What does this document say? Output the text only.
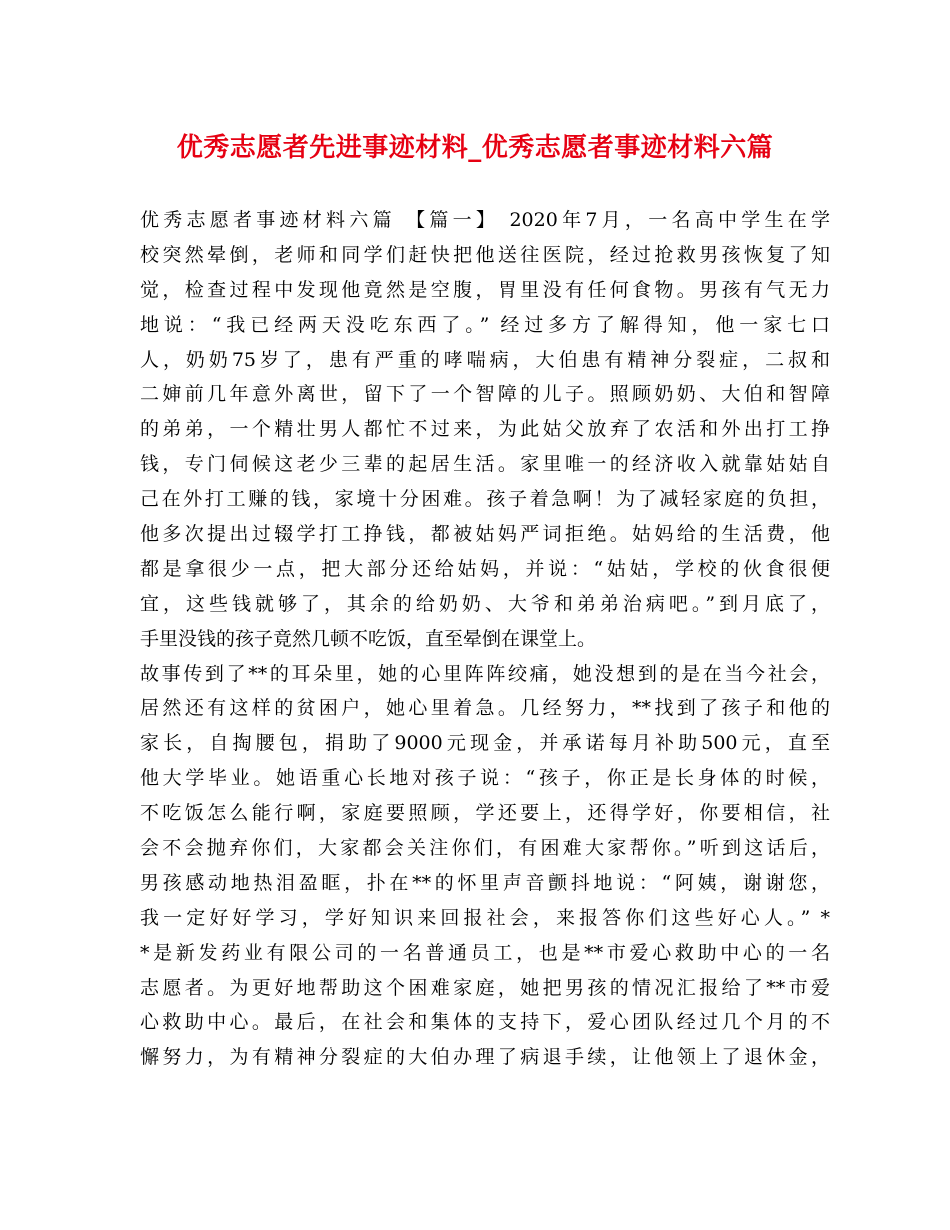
优秀志愿者先进事迹材料_优秀志愿者事迹材料六篇
优秀志愿者事迹材料六篇 【篇一】 2020年7月，一名高中学生在学
校突然晕倒，老师和同学们赶快把他送往医院，经过抢救男孩恢复了知
觉，检查过程中发现他竟然是空腹，胃里没有任何食物。男孩有气无力
地说：“我已经两天没吃东西了。” 经过多方了解得知，他一家七口
人，奶奶75岁了，患有严重的哮喘病，大伯患有精神分裂症，二叔和
二婶前几年意外离世，留下了一个智障的儿子。照顾奶奶、大伯和智障
的弟弟，一个精壮男人都忙不过来，为此姑父放弃了农活和外出打工挣
钱，专门伺候这老少三辈的起居生活。家里唯一的经济收入就靠姑姑自
己在外打工赚的钱，家境十分困难。孩子着急啊！为了减轻家庭的负担，
他多次提出过辍学打工挣钱，都被姑妈严词拒绝。姑妈给的生活费，他
都是拿很少一点，把大部分还给姑妈，并说：“姑姑，学校的伙食很便
宜，这些钱就够了，其余的给奶奶、大爷和弟弟治病吧。”到月底了，
手里没钱的孩子竟然几顿不吃饭，直至晕倒在课堂上。
故事传到了**的耳朵里，她的心里阵阵绞痛，她没想到的是在当今社会，
居然还有这样的贫困户，她心里着急。几经努力，**找到了孩子和他的
家长，自掏腰包，捐助了9000元现金，并承诺每月补助500元，直至
他大学毕业。她语重心长地对孩子说：“孩子，你正是长身体的时候，
不吃饭怎么能行啊，家庭要照顾，学还要上，还得学好，你要相信，社
会不会抛弃你们，大家都会关注你们，有困难大家帮你。”听到这话后，
男孩感动地热泪盈眶，扑在**的怀里声音颤抖地说：“阿姨，谢谢您，
我一定好好学习，学好知识来回报社会，来报答你们这些好心人。” *
*是新发药业有限公司的一名普通员工，也是**市爱心救助中心的一名
志愿者。为更好地帮助这个困难家庭，她把男孩的情况汇报给了**市爱
心救助中心。最后，在社会和集体的支持下，爱心团队经过几个月的不
懈努力，为有精神分裂症的大伯办理了病退手续，让他领上了退休金，
